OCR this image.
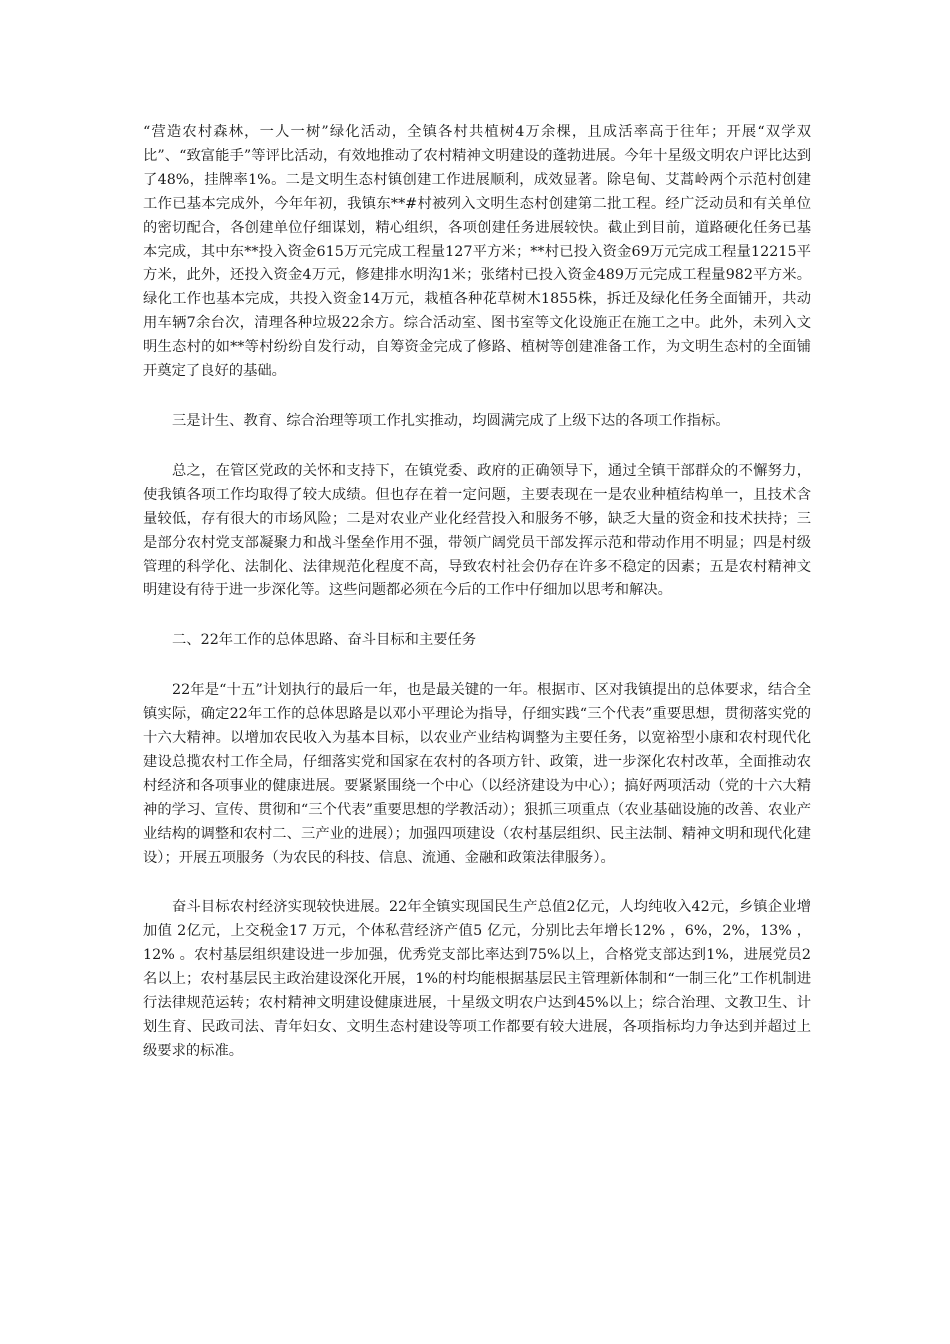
“营造农村森林，一人一树”绿化活动，全镇各村共植树4万余棵，且成活率高于往年；开展“双学双比”、“致富能手”等评比活动，有效地推动了农村精神文明建设的蓬勃进展。今年十星级文明农户评比达到了48%，挂牌率1%。二是文明生态村镇创建工作进展顺利，成效显著。除皂甸、艾蒿岭两个示范村创建工作已基本完成外，今年年初，我镇东**#村被列入文明生态村创建第二批工程。经广泛动员和有关单位的密切配合，各创建单位仔细谋划，精心组织，各项创建任务进展较快。截止到目前，道路硬化任务已基本完成，其中东**投入资金615万元完成工程量127平方米；**村已投入资金69万元完成工程量12215平方米，此外，还投入资金4万元，修建排水明沟1米；张绪村已投入资金489万元完成工程量982平方米。绿化工作也基本完成，共投入资金14万元，栽植各种花草树木1855株，拆迁及绿化任务全面铺开，共动用车辆7余台次，清理各种垃圾22余方。综合活动室、图书室等文化设施正在施工之中。此外，未列入文明生态村的如**等村纷纷自发行动，自筹资金完成了修路、植树等创建准备工作，为文明生态村的全面铺开奠定了良好的基础。

三是计生、教育、综合治理等项工作扎实推动，均圆满完成了上级下达的各项工作指标。

总之，在管区党政的关怀和支持下，在镇党委、政府的正确领导下，通过全镇干部群众的不懈努力，使我镇各项工作均取得了较大成绩。但也存在着一定问题，主要表现在一是农业种植结构单一，且技术含量较低，存有很大的市场风险；二是对农业产业化经营投入和服务不够，缺乏大量的资金和技术扶持；三是部分农村党支部凝聚力和战斗堡垒作用不强，带领广阔党员干部发挥示范和带动作用不明显；四是村级管理的科学化、法制化、法律规范化程度不高，导致农村社会仍存在许多不稳定的因素；五是农村精神文明建设有待于进一步深化等。这些问题都必须在今后的工作中仔细加以思考和解决。

二、22年工作的总体思路、奋斗目标和主要任务

22年是“十五”计划执行的最后一年，也是最关键的一年。根据市、区对我镇提出的总体要求，结合全镇实际，确定22年工作的总体思路是以邓小平理论为指导，仔细实践“三个代表”重要思想，贯彻落实党的十六大精神。以增加农民收入为基本目标，以农业产业结构调整为主要任务，以宽裕型小康和农村现代化建设总揽农村工作全局，仔细落实党和国家在农村的各项方针、政策，进一步深化农村改革，全面推动农村经济和各项事业的健康进展。要紧紧围绕一个中心（以经济建设为中心）；搞好两项活动（党的十六大精神的学习、宣传、贯彻和“三个代表”重要思想的学教活动）；狠抓三项重点（农业基础设施的改善、农业产业结构的调整和农村二、三产业的进展）；加强四项建设（农村基层组织、民主法制、精神文明和现代化建设）；开展五项服务（为农民的科技、信息、流通、金融和政策法律服务）。

奋斗目标农村经济实现较快进展。22年全镇实现国民生产总值2亿元，人均纯收入42元，乡镇企业增加值 2亿元，上交税金17 万元，个体私营经济产值5 亿元，分别比去年增长12% ，6%，2%，13% ，12% 。农村基层组织建设进一步加强，优秀党支部比率达到75%以上，合格党支部达到1%，进展党员2名以上；农村基层民主政治建设深化开展，1%的村均能根据基层民主管理新体制和“一制三化”工作机制进行法律规范运转；农村精神文明建设健康进展，十星级文明农户达到45%以上；综合治理、文教卫生、计划生育、民政司法、青年妇女、文明生态村建设等项工作都要有较大进展，各项指标均力争达到并超过上级要求的标准。
